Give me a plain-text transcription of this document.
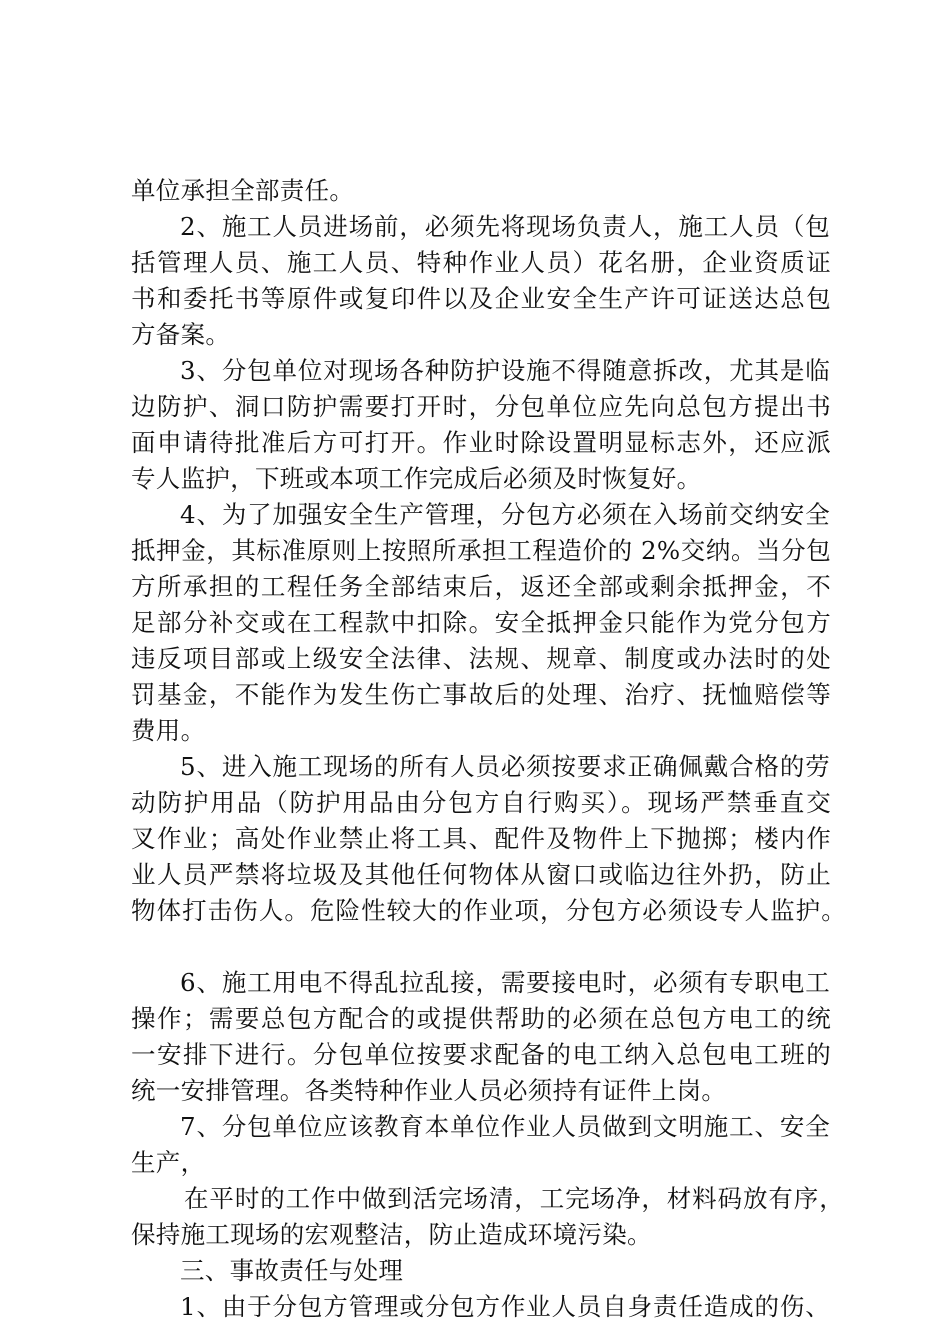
单位承担全部责任。
2、施工人员进场前，必须先将现场负责人，施工人员（包
括管理人员、施工人员、特种作业人员）花名册，企业资质证
书和委托书等原件或复印件以及企业安全生产许可证送达总包
方备案。
3、分包单位对现场各种防护设施不得随意拆改，尤其是临
边防护、洞口防护需要打开时，分包单位应先向总包方提出书
面申请待批准后方可打开。作业时除设置明显标志外，还应派
专人监护，下班或本项工作完成后必须及时恢复好。
4、为了加强安全生产管理，分包方必须在入场前交纳安全
抵押金，其标准原则上按照所承担工程造价的 2%交纳。当分包
方所承担的工程任务全部结束后，返还全部或剩余抵押金，不
足部分补交或在工程款中扣除。安全抵押金只能作为党分包方
违反项目部或上级安全法律、法规、规章、制度或办法时的处
罚基金，不能作为发生伤亡事故后的处理、治疗、抚恤赔偿等
费用。
5、进入施工现场的所有人员必须按要求正确佩戴合格的劳
动防护用品（防护用品由分包方自行购买）。现场严禁垂直交
叉作业；高处作业禁止将工具、配件及物件上下抛掷；楼内作
业人员严禁将垃圾及其他任何物体从窗口或临边往外扔，防止
物体打击伤人。危险性较大的作业项，分包方必须设专人监护。
6、施工用电不得乱拉乱接，需要接电时，必须有专职电工
操作；需要总包方配合的或提供帮助的必须在总包方电工的统
一安排下进行。分包单位按要求配备的电工纳入总包电工班的
统一安排管理。各类特种作业人员必须持有证件上岗。
7、分包单位应该教育本单位作业人员做到文明施工、安全
生产，
在平时的工作中做到活完场清，工完场净，材料码放有序，
保持施工现场的宏观整洁，防止造成环境污染。
三、事故责任与处理
1、由于分包方管理或分包方作业人员自身责任造成的伤、
